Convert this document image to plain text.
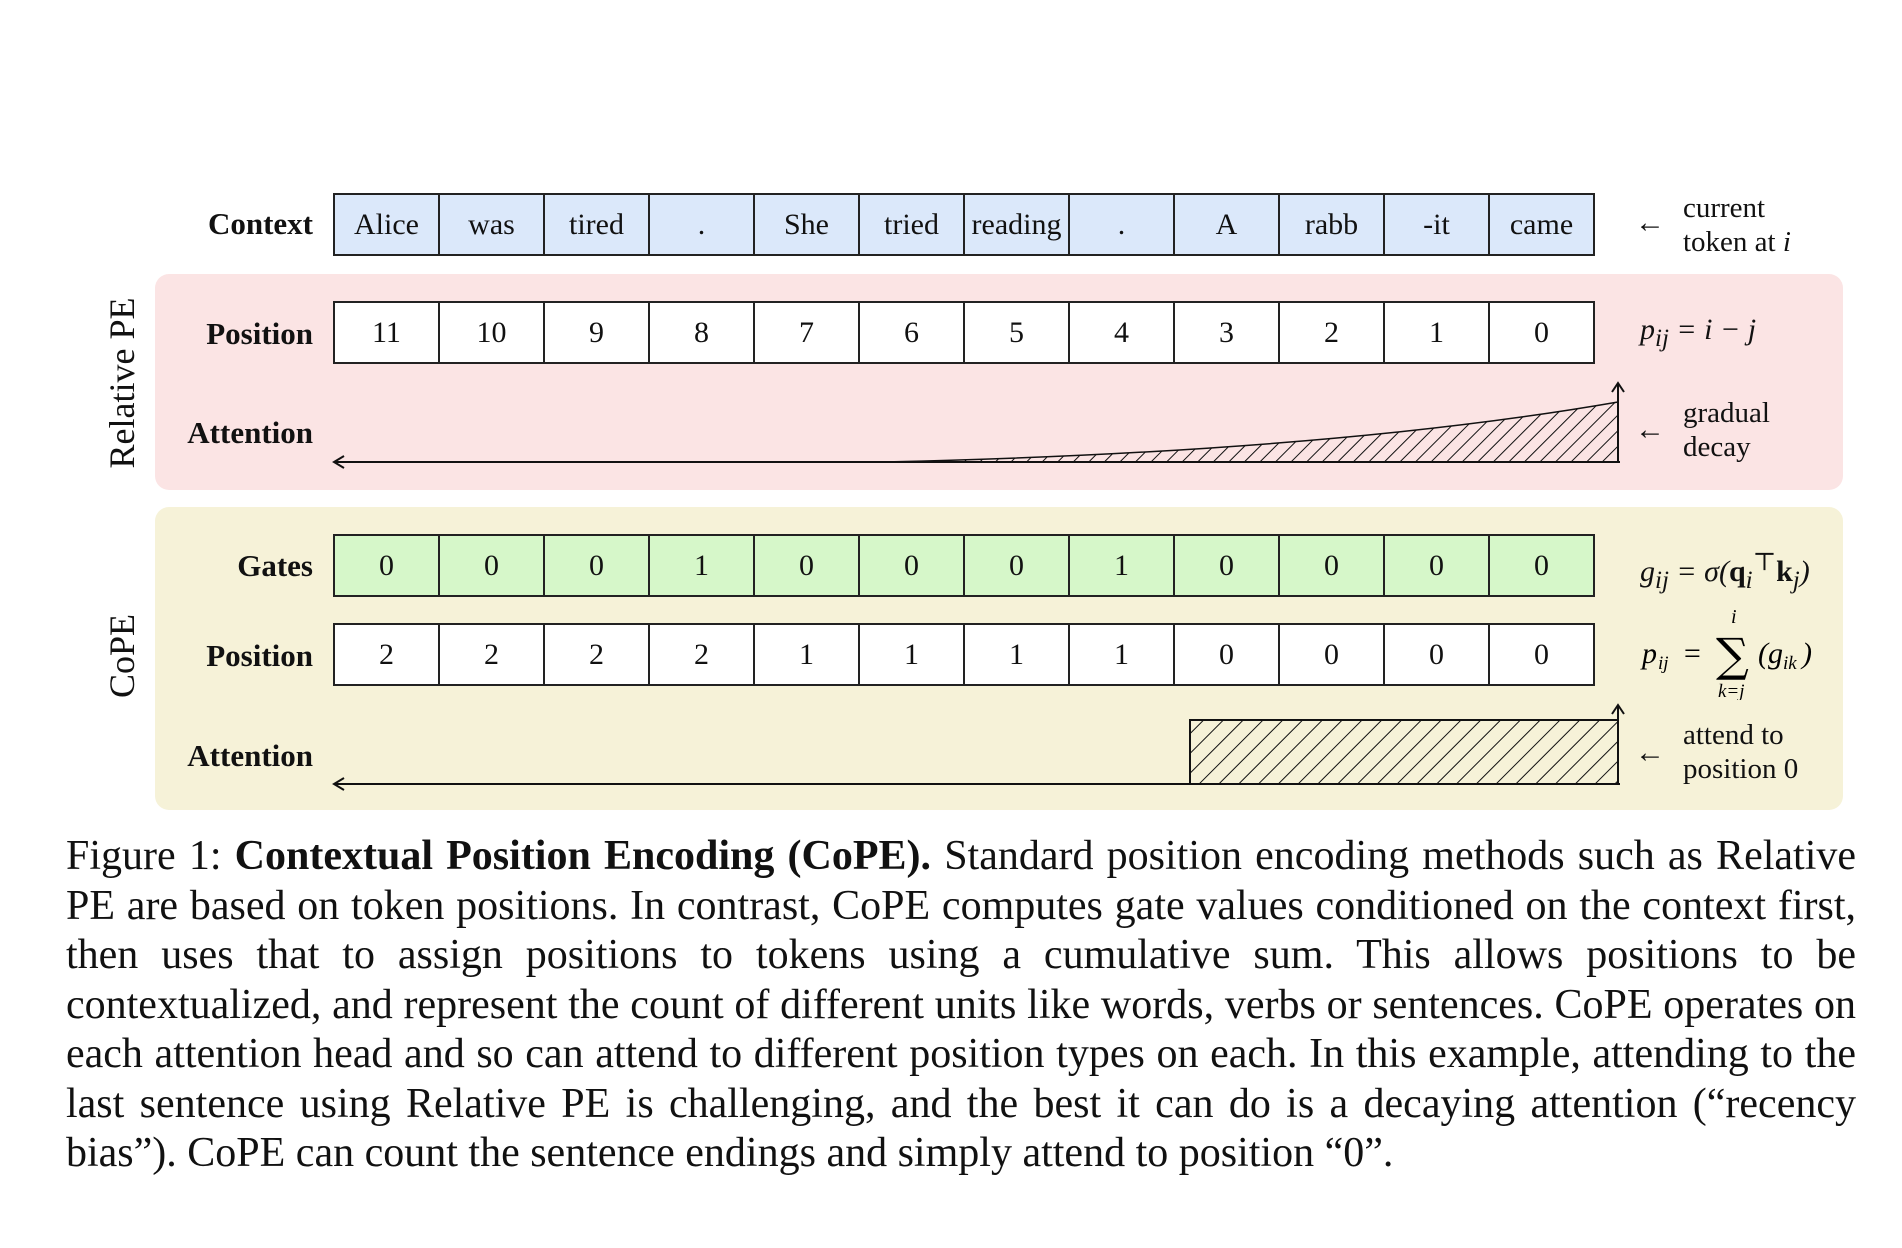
Relative PE
CoPE
Context	Alice	was	tired	.	She	tried	reading	.	A	rabb	-it	came	← current
token at i
Position	11	10	9	8	7	6	5	4	3	2	1	0	$p_{ij} = i - j$
Attention	← gradual
decay
Gates	0	0	0	1	0	0	0	1	0	0	0	0	$g_{ij} = \sigma(q_i^⊤k_j)$
Position	2	2	2	2	1	1	1	1	0	0	0	0	p ij = ∑
i
k=j
( g ik )
Attention	←
attend to
position 0
Figure 1: Contextual Position Encoding (CoPE). Standard position encoding methods such as Relative PE are based on token positions. In contrast, CoPE computes gate values conditioned on the context first, then uses that to assign positions to tokens using a cumulative sum. This allows positions to be contextualized, and represent the count of different units like words, verbs or sentences. CoPE operates on each attention head and so can attend to different position types on each. In this example, attending to the last sentence using Relative PE is challenging, and the best it can do is a decaying attention (“recency bias”). CoPE can count the sentence endings and simply attend to position “0”.
